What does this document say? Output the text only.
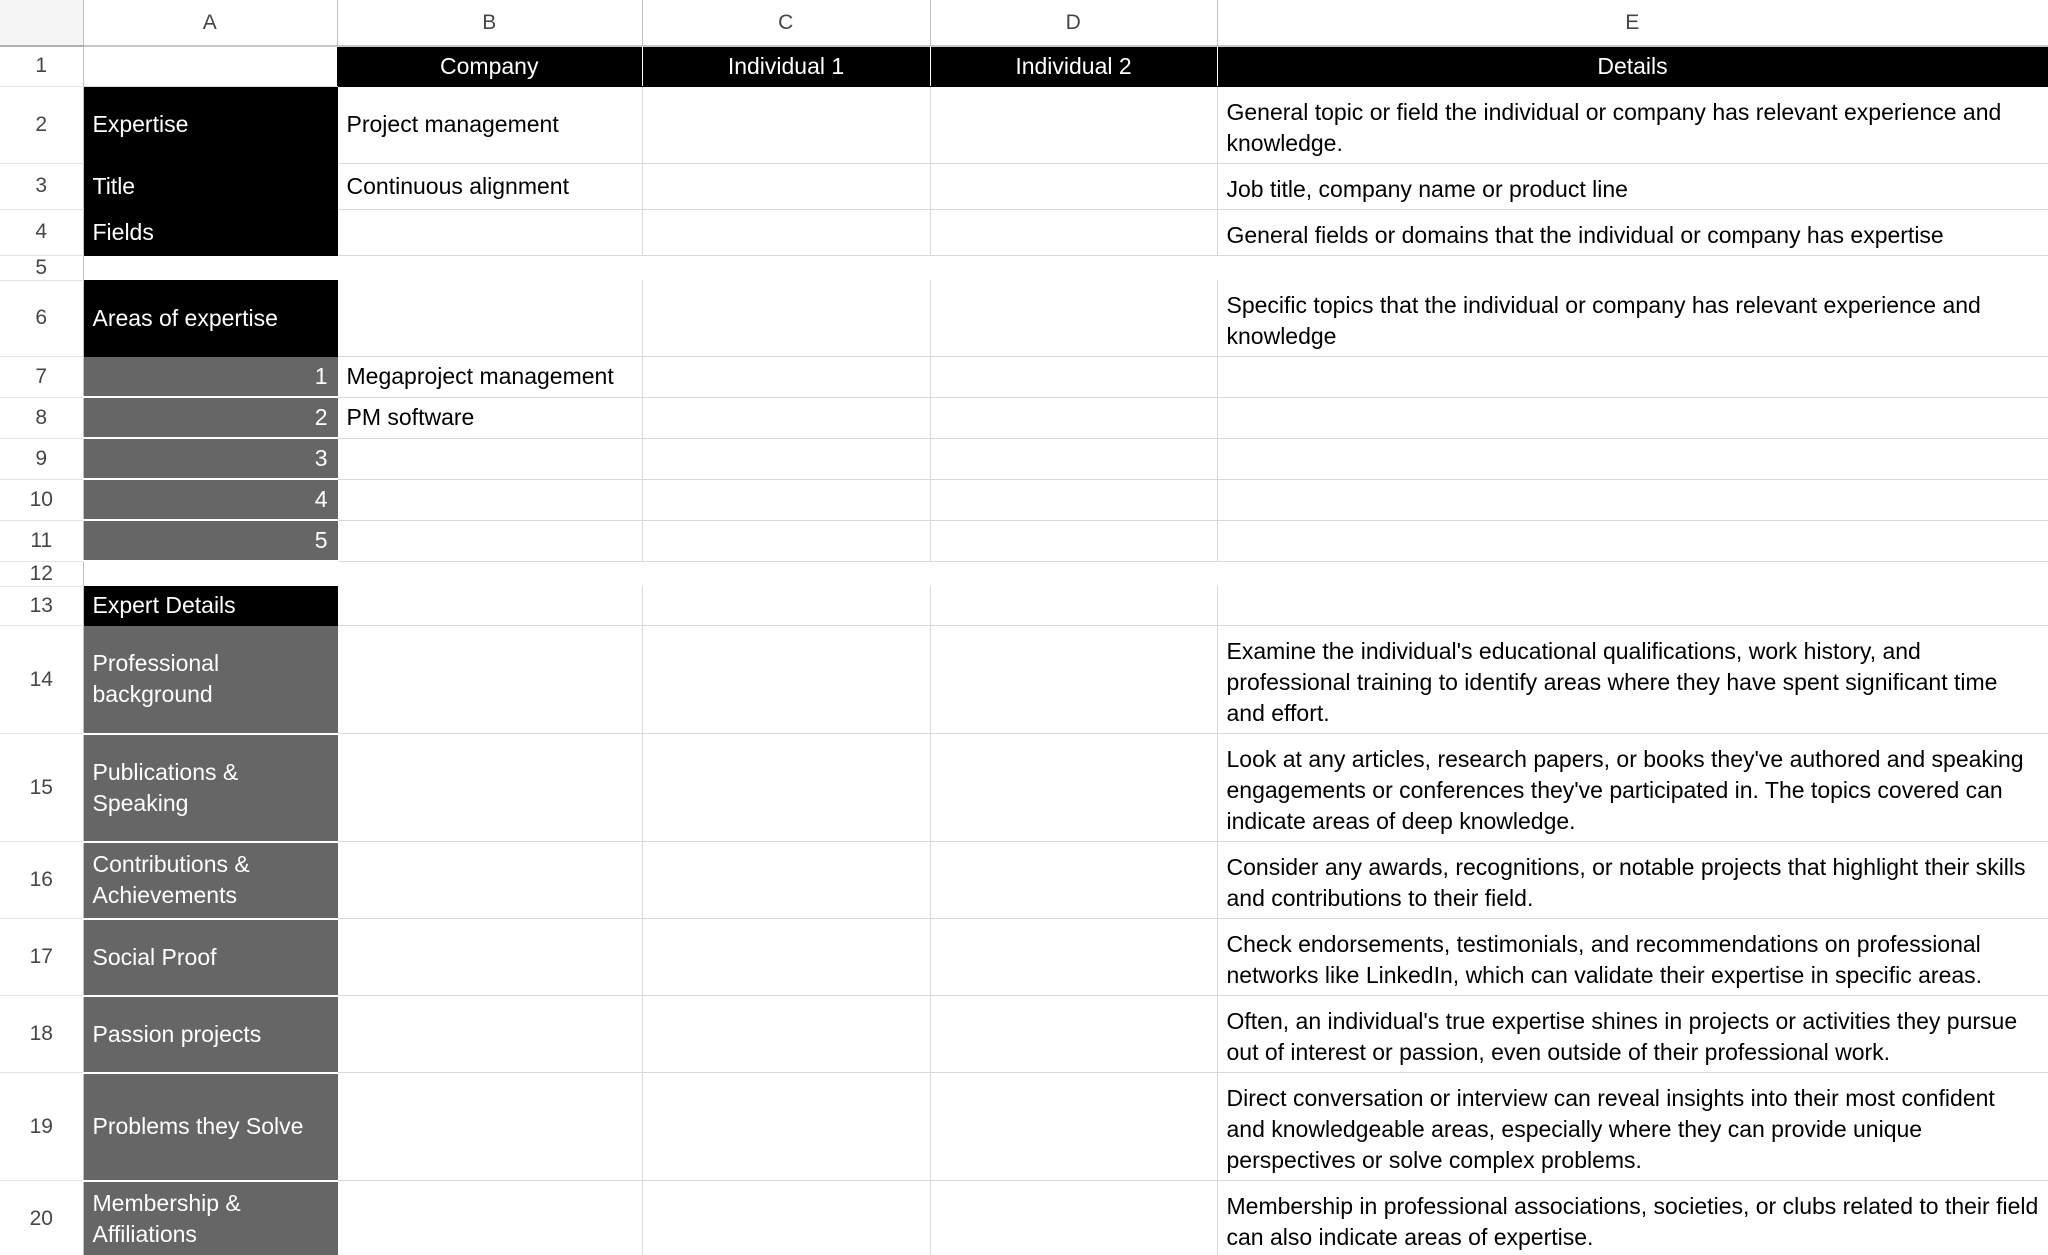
	A	B	C	D	E
1		Company	Individual 1	Individual 2	Details
2	Expertise	Project management			General topic or field the individual or company has relevant experience and knowledge.
3	Title	Continuous alignment			Job title, company name or product line
4	Fields				General fields or domains that the individual or company has expertise
5					
6	Areas of expertise				Specific topics that the individual or company has relevant experience and knowledge
7	1	Megaproject management			
8	2	PM software			
9	3				
10	4				
11	5				
12					
13	Expert Details				
14	Professional background				Examine the individual's educational qualifications, work history, and professional training to identify areas where they have spent significant time and effort.
15	Publications & Speaking				Look at any articles, research papers, or books they've authored and speaking engagements or conferences they've participated in. The topics covered can indicate areas of deep knowledge.
16	Contributions & Achievements				Consider any awards, recognitions, or notable projects that highlight their skills and contributions to their field.
17	Social Proof				Check endorsements, testimonials, and recommendations on professional networks like LinkedIn, which can validate their expertise in specific areas.
18	Passion projects				Often, an individual's true expertise shines in projects or activities they pursue out of interest or passion, even outside of their professional work.
19	Problems they Solve				Direct conversation or interview can reveal insights into their most confident and knowledgeable areas, especially where they can provide unique perspectives or solve complex problems.
20	Membership & Affiliations				Membership in professional associations, societies, or clubs related to their field can also indicate areas of expertise.
